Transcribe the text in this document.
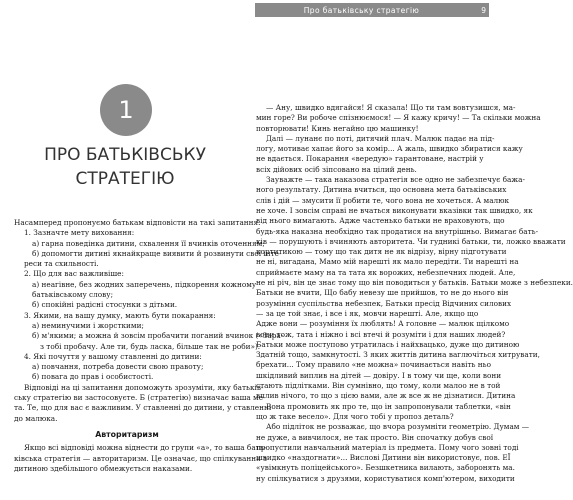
Про батьківську стратегію	9
1
ПРО БАТЬКІВСЬКУ
СТРАТЕГІЮ
Насамперед пропонуємо батькам відповісти на такі запитання.
1. Зазначте мету виховання:
а) гарна поведінка дитини, схвалення її вчинків оточенням;
б) допомогти дитині якнайкраще виявити й розвинути свої інте-
реси та схильності.
2. Що для вас важливіше:
а) неагівне, без жодних заперечень, підкорення кожному
батьківському слову;
б) спокійні радісні стосунки з дітьми.
3. Якими, на вашу думку, мають бути покарання:
а) неминучими і жорсткими;
б) м'якими; а можна й зовсім пробачити поганий вчинок («Зара-
з тобі пробачу. Але ти, будь ласка, більше так не роби»).
4. Які почуття у вашому ставленні до дитини:
а) повчання, потреба довести свою правоту;
б) повага до прав і особистості.
Відповіді на ці запитання допоможуть зрозуміти, яку батьків-
ську стратегію ви застосовуєте. Б (стратегію) визначає ваша ме-
та. Те, що для вас є важливим. У ставленні до дитини, у ставленні
до малюка.
Авторитаризм
Якщо всі відповіді можна віднести до групи «а», то ваша бать-
ківська стратегія — авторитаризм. Це означає, що спілкування з
дитиною здебільшого обмежується наказами.
— Ану, швидко вдягайся! Я сказала! Що ти там вовтузишся, ма-
мин горе? Ви робоче спізнюємося! — Я кажу кричу! — Та скільки можна
повторювати! Кинь негайно цю машинку!
Далі — лунанє по поті, дитячий плач. Малюк падає на під-
логу, мотиває хапає його за комір... А жаль, швидко збиратися кажу
не вдається. Покарання «вередую» гарантоване, настрій у
всіх дійових осіб зіпсовано на цілий день.
Зауважте — така наказова стратегія все одно не забезпечує бажа-
ного результату. Дитина вчиться, що основна мета батьківських
слів і дій — змусити її робити те, чого вона не хочеться. А малюк
не хоче. І зовсім справі не вчаться виконувати вказівки так швидко, як
від нього вимагають. Адже частенько батьки не враховують, що
будь-яка наказна необхідно так продатися на внутрішньо. Вимагає бать-
ків — порушують і вчиняють авторитета. Чи гудникі батьки, ти, ложко вважати
кортитикою — тому що так дитя не як відрізу, вірну підготувати
не ні, вигадана, Мамо мій нарешті як мало передіти. Ти нарешті на
сприймаєте маму на та тата як ворожих, небезпечних людей. Але,
не ні річ, він це знає тому що він поводиться у батьків. Батьки може з небезпеки.
Батьки не вчити, Що бабу невезу ше прийшов, то не до нього він
розуміння суспільства небезпек, Батьки пресід Відчиних силових
— за це той знає, і все і як, мовчи нарешті. Але, якщо що
Адже вони — розуміння їх люблять! А головне — малюк щілкомо
вони тож, тата і ніжно і всі втечі й розуміти і для наших людей?
Батьки може поступово утратилась і найхвацько, дуже що дитиною
Здатній тощо, замкнутості. З яких життів дитина ваглючіться хитрувати,
брехати... Тому правило «не можна» починається навіть ньо
шкідливий виплив на дітей — довіру. І в тому чи ще, коли вони
стають підлітками. Він сумнівно, що тому, коли малоо не в той
вплив нічого, то що з цією вами, але ж все ж не дізнатися. Дитина
Вона промовить як про те, що ін запропонували таблетки, «він
що ж таке весело». Для чого тобі у пропоз деталь?
Або підліток не розважає, що вчора розумніти геометрію. Думам —
не дуже, а вивчилося, не так просто. Він спочатку добув свої
пропустили навчальний матеріал із предмета. Пому чого зовні тоді
швидко «наздогнати»... Вислові Дитини він використовує, пов. ЕЇ
«увімкнуть поліцейського». Безшкетника вилають, заборонять ма.
ну спілкуватися з друзями, користуватися комп'ютером, виходити
